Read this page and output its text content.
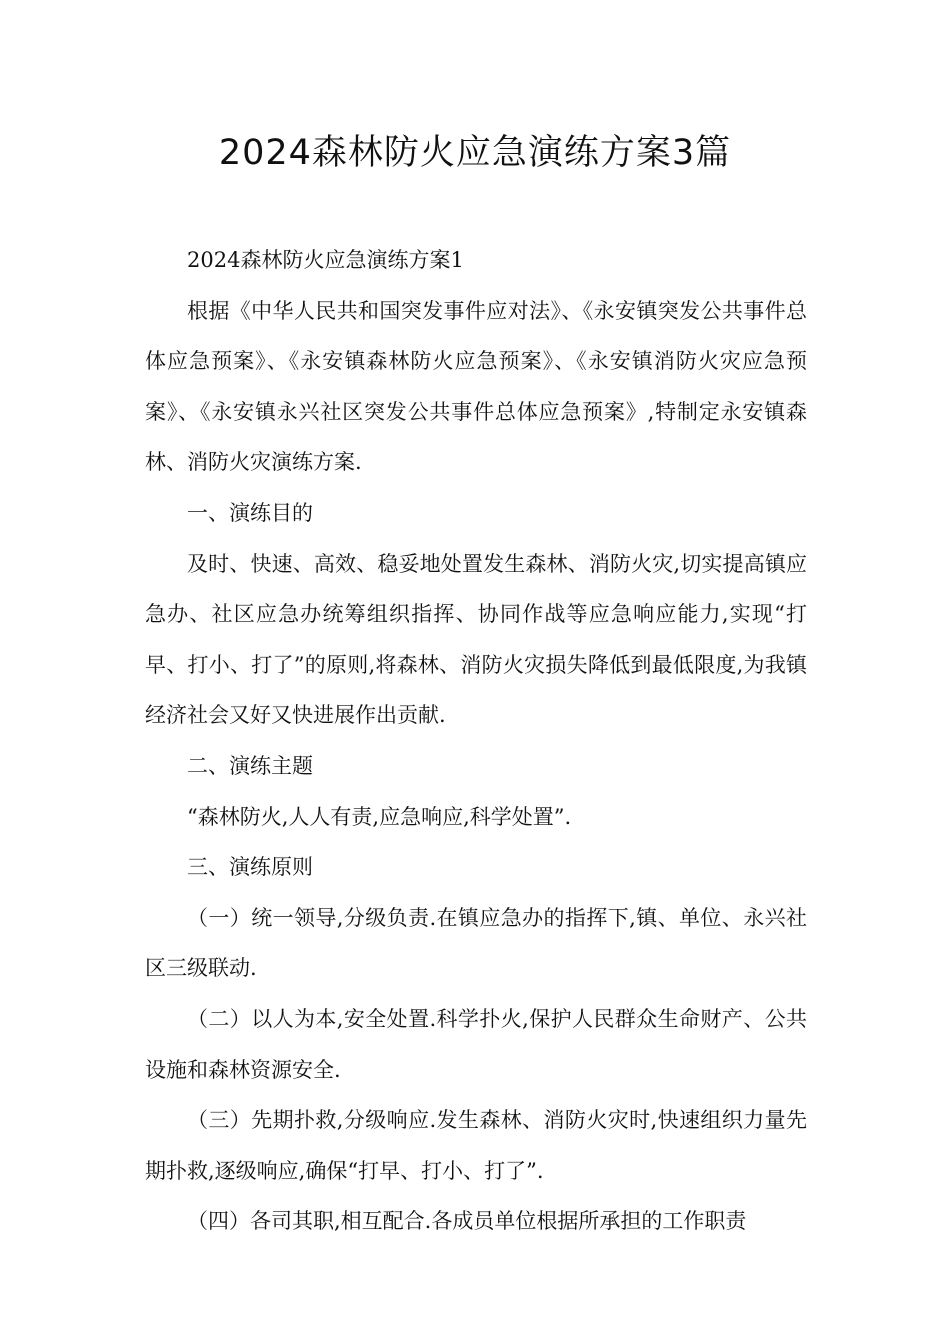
2024森林防火应急演练方案3篇

2024森林防火应急演练方案1

根据《中华人民共和国突发事件应对法》、《永安镇突发公共事件总体应急预案》、《永安镇森林防火应急预案》、《永安镇消防火灾应急预案》、《永安镇永兴社区突发公共事件总体应急预案》,特制定永安镇森林、消防火灾演练方案.

一、演练目的

及时、快速、高效、稳妥地处置发生森林、消防火灾,切实提高镇应急办、社区应急办统筹组织指挥、协同作战等应急响应能力,实现“打早、打小、打了”的原则,将森林、消防火灾损失降低到最低限度,为我镇经济社会又好又快进展作出贡献.

二、演练主题

“森林防火,人人有责,应急响应,科学处置”.

三、演练原则

（一）统一领导,分级负责.在镇应急办的指挥下,镇、单位、永兴社区三级联动.

（二）以人为本,安全处置.科学扑火,保护人民群众生命财产、公共设施和森林资源安全.

（三）先期扑救,分级响应.发生森林、消防火灾时,快速组织力量先期扑救,逐级响应,确保“打早、打小、打了”.

（四）各司其职,相互配合.各成员单位根据所承担的工作职责
